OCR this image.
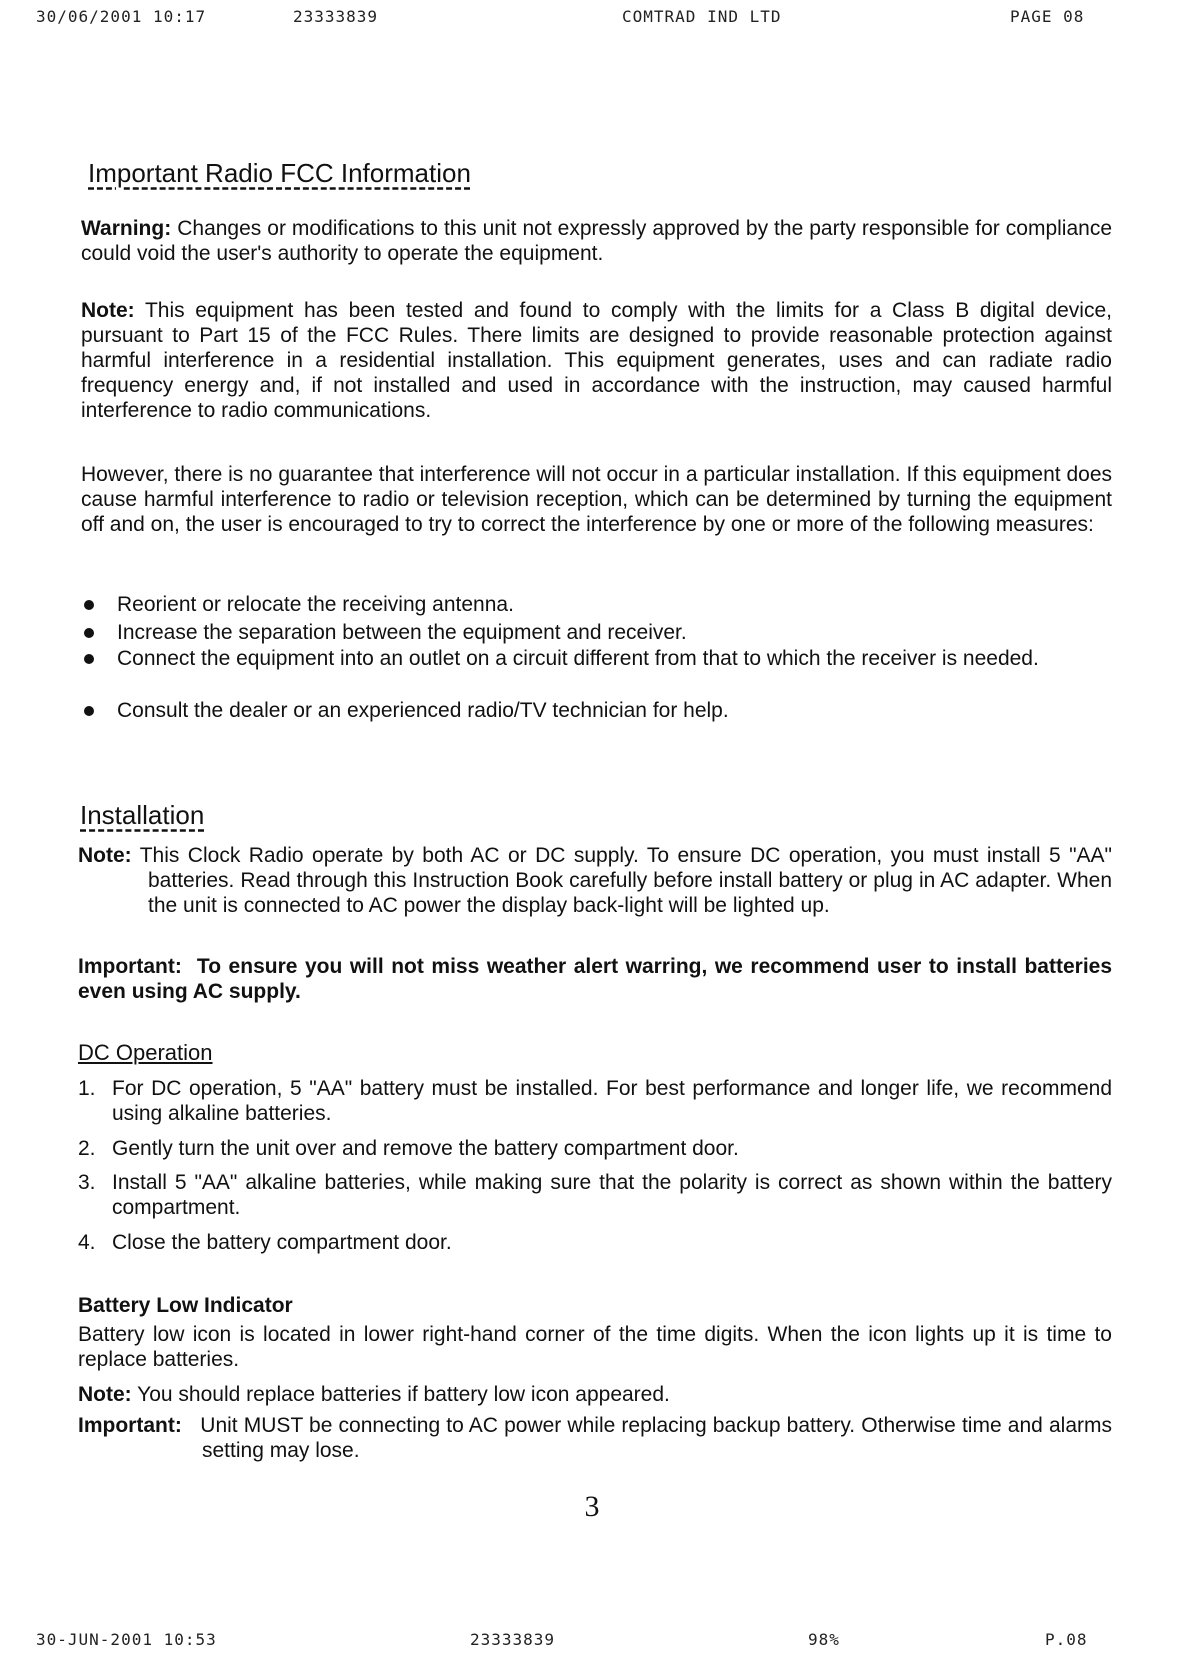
30/06/2001 10:17	23333839	COMTRAD IND LTD	PAGE 08
Important Radio FCC Information

Warning: Changes or modifications to this unit not expressly approved by the party responsible for compliance could void the user's authority to operate the equipment.

Note: This equipment has been tested and found to comply with the limits for a Class B digital device, pursuant to Part 15 of the FCC Rules. There limits are designed to provide reasonable protection against harmful interference in a residential installation. This equipment generates, uses and can radiate radio frequency energy and, if not installed and used in accordance with the instruction, may caused harmful interference to radio communications.

However, there is no guarantee that interference will not occur in a particular installation. If this equipment does cause harmful interference to radio or television reception, which can be determined by turning the equipment off and on, the user is encouraged to try to correct the interference by one or more of the following measures:

Reorient or relocate the receiving antenna.
Increase the separation between the equipment and receiver.
Connect the equipment into an outlet on a circuit different from that to which the receiver is needed.
Consult the dealer or an experienced radio/TV technician for help.
Installation
Note: This Clock Radio operate by both AC or DC supply. To ensure DC operation, you must install 5 "AA" batteries. Read through this Instruction Book carefully before install battery or plug in AC adapter. When the unit is connected to AC power the display back-light will be lighted up.

Important: To ensure you will not miss weather alert warring, we recommend user to install batteries even using AC supply.

DC Operation
1. For DC operation, 5 "AA" battery must be installed. For best performance and longer life, we recommend using alkaline batteries.
2. Gently turn the unit over and remove the battery compartment door.
3. Install 5 "AA" alkaline batteries, while making sure that the polarity is correct as shown within the battery compartment.
4. Close the battery compartment door.
Battery Low Indicator

Battery low icon is located in lower right-hand corner of the time digits. When the icon lights up it is time to replace batteries.

Note: You should replace batteries if battery low icon appeared.

Important: Unit MUST be connecting to AC power while replacing backup battery. Otherwise time and alarms setting may lose.
3
30-JUN-2001 10:53	23333839	98%	P.08
